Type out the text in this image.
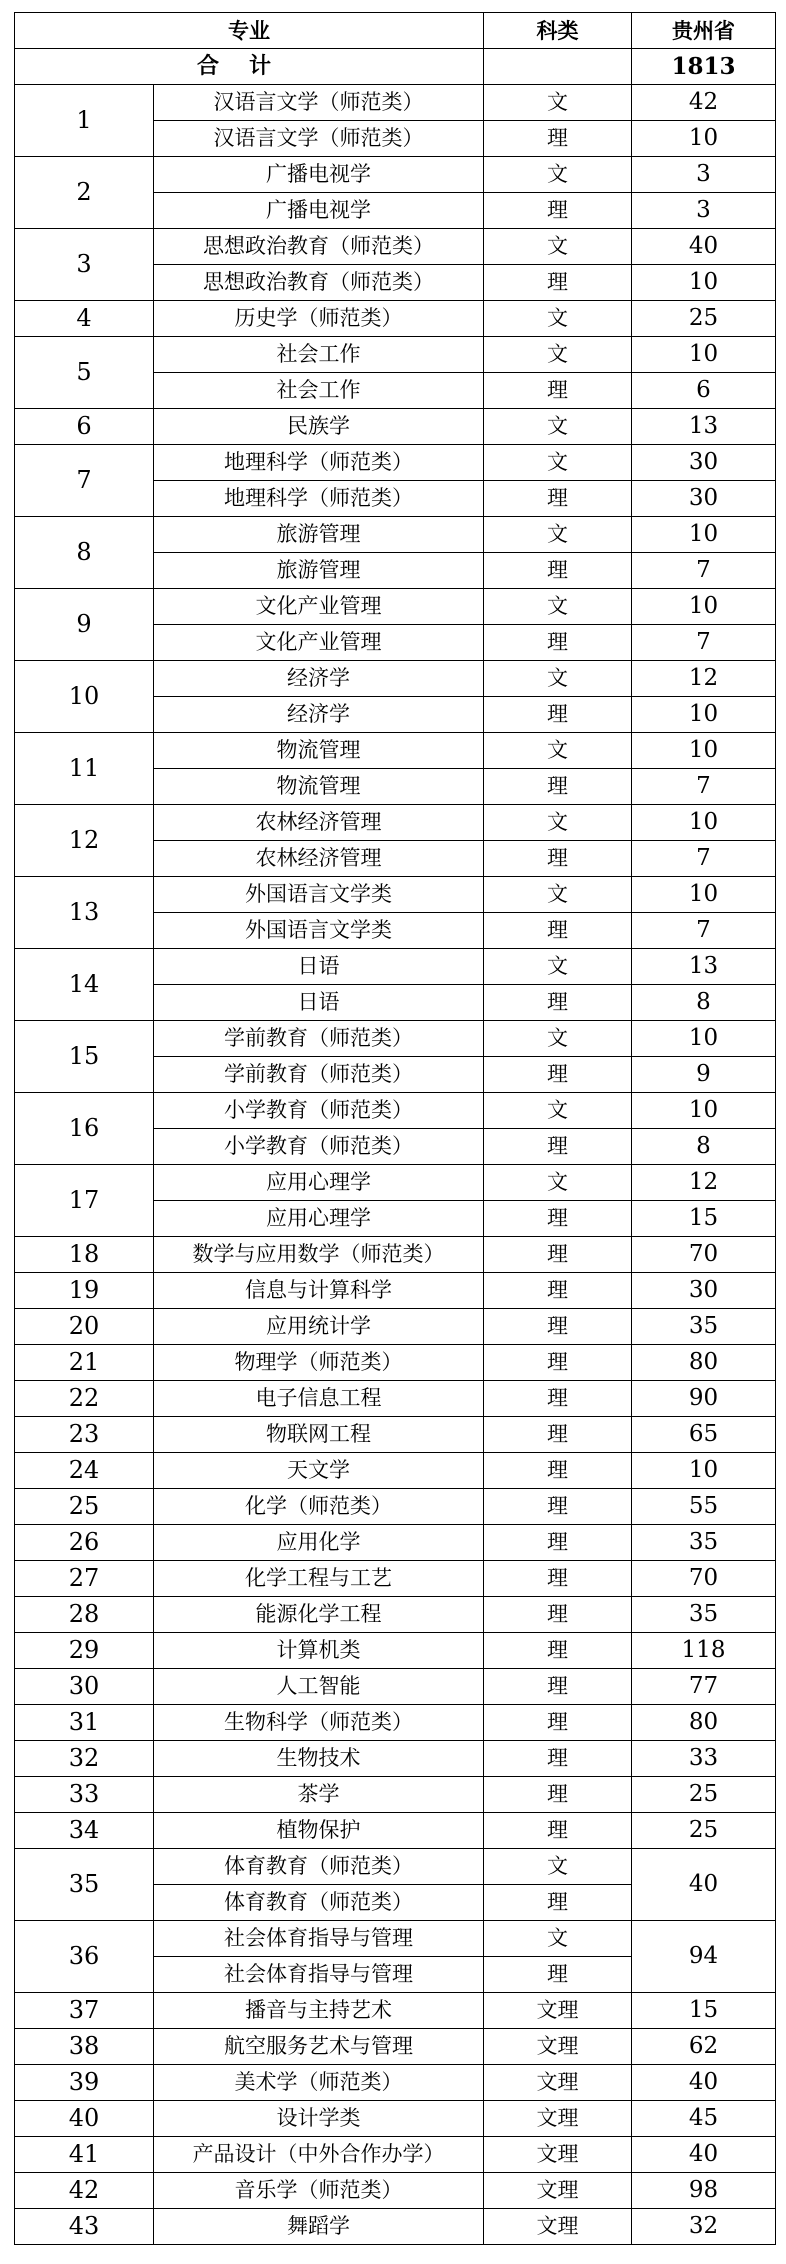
专业		科类	贵州省
合计			1813
1	汉语言文学（师范类）	文	42
	汉语言文学（师范类）	理	10
2	广播电视学	文	3
	广播电视学	理	3
3	思想政治教育（师范类）	文	40
	思想政治教育（师范类）	理	10
4	历史学（师范类）	文	25
5	社会工作	文	10
	社会工作	理	6
6	民族学	文	13
7	地理科学（师范类）	文	30
	地理科学（师范类）	理	30
8	旅游管理	文	10
	旅游管理	理	7
9	文化产业管理	文	10
	文化产业管理	理	7
10	经济学	文	12
	经济学	理	10
11	物流管理	文	10
	物流管理	理	7
12	农林经济管理	文	10
	农林经济管理	理	7
13	外国语言文学类	文	10
	外国语言文学类	理	7
14	日语	文	13
	日语	理	8
15	学前教育（师范类）	文	10
	学前教育（师范类）	理	9
16	小学教育（师范类）	文	10
	小学教育（师范类）	理	8
17	应用心理学	文	12
	应用心理学	理	15
18	数学与应用数学（师范类）	理	70
19	信息与计算科学	理	30
20	应用统计学	理	35
21	物理学（师范类）	理	80
22	电子信息工程	理	90
23	物联网工程	理	65
24	天文学	理	10
25	化学（师范类）	理	55
26	应用化学	理	35
27	化学工程与工艺	理	70
28	能源化学工程	理	35
29	计算机类	理	118
30	人工智能	理	77
31	生物科学（师范类）	理	80
32	生物技术	理	33
33	茶学	理	25
34	植物保护	理	25
35	体育教育（师范类）	文	40
	体育教育（师范类）	理	
36	社会体育指导与管理	文	94
	社会体育指导与管理	理	
37	播音与主持艺术	文理	15
38	航空服务艺术与管理	文理	62
39	美术学（师范类）	文理	40
40	设计学类	文理	45
41	产品设计（中外合作办学）	文理	40
42	音乐学（师范类）	文理	98
43	舞蹈学	文理	32
